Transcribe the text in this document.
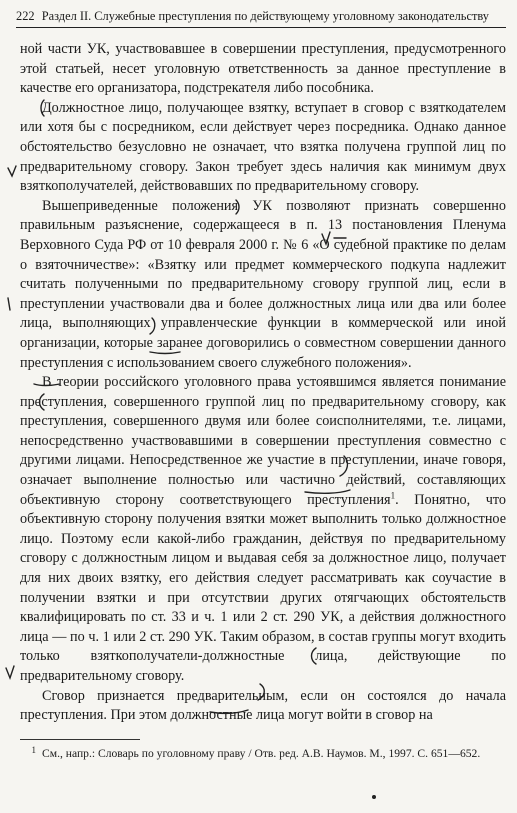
222 Раздел II. Служебные преступления по действующему уголовному законодательству

ной части УК, участвовавшее в совершении преступления, предусмотренного этой статьей, несет уголовную ответственность за данное преступление в качестве его организатора, подстрекателя либо пособника.

Должностное лицо, получающее взятку, вступает в сговор с взяткодателем или хотя бы с посредником, если действует через посредника. Однако данное обстоятельство безусловно не означает, что взятка получена группой лиц по предварительному сговору. Закон требует здесь наличия как минимум двух взяткополучателей, действовавших по предварительному сговору.

Вышеприведенные положения УК позволяют признать совершенно правильным разъяснение, содержащееся в п. 13 постановления Пленума Верховного Суда РФ от 10 февраля 2000 г. № 6 «О судебной практике по делам о взяточничестве»: «Взятку или предмет коммерческого подкупа надлежит считать полученными по предварительному сговору группой лиц, если в преступлении участвовали два и более должностных лица или два или более лица, выполняющих управленческие функции в коммерческой или иной организации, которые заранее договорились о совместном совершении данного преступления с использованием своего служебного положения».

В теории российского уголовного права устоявшимся является понимание преступления, совершенного группой лиц по предварительному сговору, как преступления, совершенного двумя или более соисполнителями, т.е. лицами, непосредственно участвовавшими в совершении преступления совместно с другими лицами. Непосредственное же участие в преступлении, иначе говоря, означает выполнение полностью или частично действий, составляющих объективную сторону соответствующего преступления$^1$. Понятно, что объективную сторону получения взятки может выполнить только должностное лицо. Поэтому если какой-либо гражданин, действуя по предварительному сговору с должностным лицом и выдавая себя за должностное лицо, получает для них двоих взятку, его действия следует рассматривать как соучастие в получении взятки и при отсутствии других отягчающих обстоятельств квалифицировать по ст. 33 и ч. 1 или 2 ст. 290 УК, а действия должностного лица — по ч. 1 или 2 ст. 290 УК. Таким образом, в состав группы могут входить только взяткополучатели-должностные лица, действующие по предварительному сговору.

Сговор признается предварительным, если он состоялся до начала преступления. При этом должностные лица могут войти в сговор на

1 См., напр.: Словарь по уголовному праву / Отв. ред. А.В. Наумов. М., 1997. С. 651—652.
